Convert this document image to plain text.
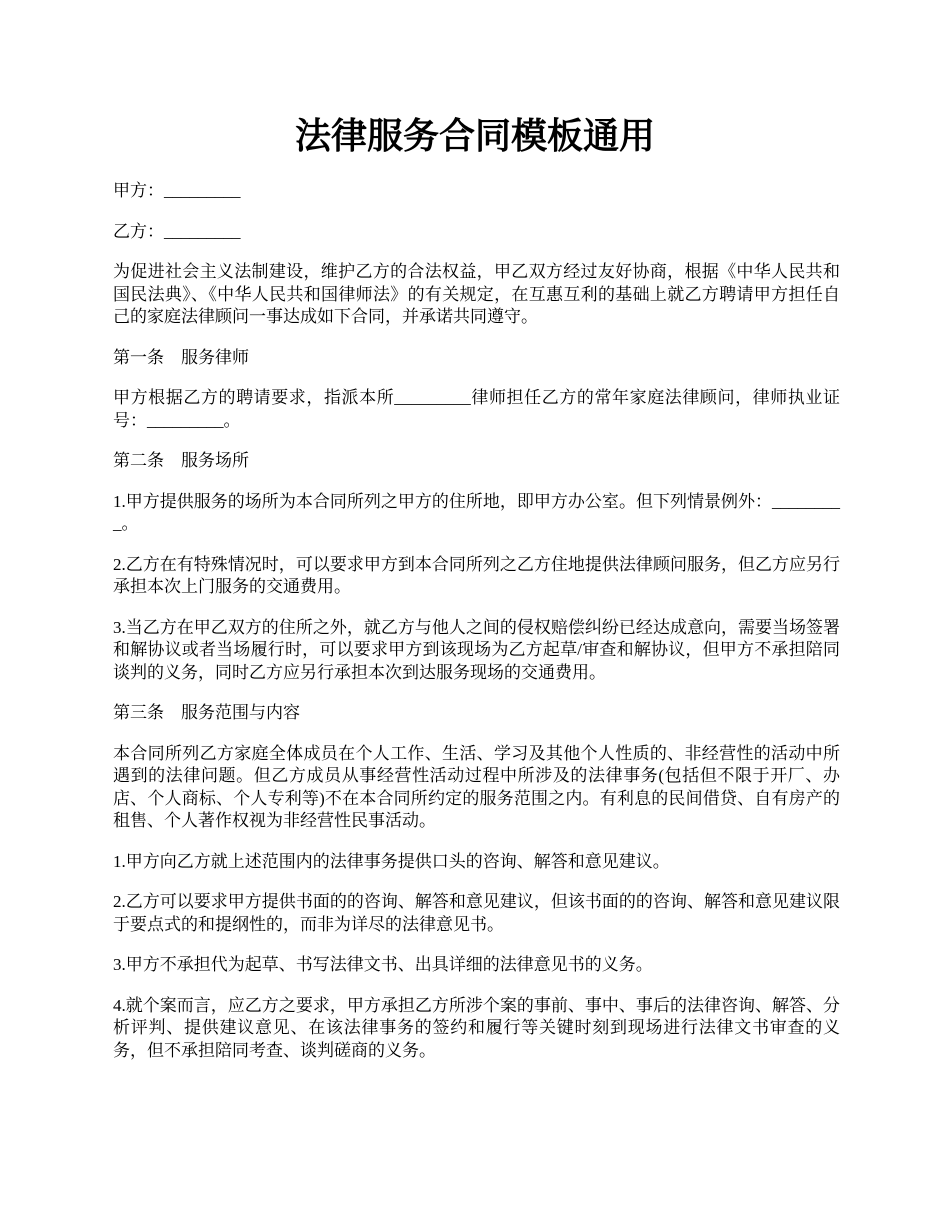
法律服务合同模板通用

甲方：_________

乙方：_________

为促进社会主义法制建设，维护乙方的合法权益，甲乙双方经过友好协商，根据《中华人民共和国民法典》、《中华人民共和国律师法》的有关规定，在互惠互利的基础上就乙方聘请甲方担任自己的家庭法律顾问一事达成如下合同，并承诺共同遵守。

第一条　服务律师

甲方根据乙方的聘请要求，指派本所_________律师担任乙方的常年家庭法律顾问，律师执业证号：_________。

第二条　服务场所

1.甲方提供服务的场所为本合同所列之甲方的住所地，即甲方办公室。但下列情景例外：_________。

2.乙方在有特殊情况时，可以要求甲方到本合同所列之乙方住地提供法律顾问服务，但乙方应另行承担本次上门服务的交通费用。

3.当乙方在甲乙双方的住所之外，就乙方与他人之间的侵权赔偿纠纷已经达成意向，需要当场签署和解协议或者当场履行时，可以要求甲方到该现场为乙方起草/审查和解协议，但甲方不承担陪同谈判的义务，同时乙方应另行承担本次到达服务现场的交通费用。

第三条　服务范围与内容

本合同所列乙方家庭全体成员在个人工作、生活、学习及其他个人性质的、非经营性的活动中所遇到的法律问题。但乙方成员从事经营性活动过程中所涉及的法律事务(包括但不限于开厂、办店、个人商标、个人专利等)不在本合同所约定的服务范围之内。有利息的民间借贷、自有房产的租售、个人著作权视为非经营性民事活动。

1.甲方向乙方就上述范围内的法律事务提供口头的咨询、解答和意见建议。

2.乙方可以要求甲方提供书面的的咨询、解答和意见建议，但该书面的的咨询、解答和意见建议限于要点式的和提纲性的，而非为详尽的法律意见书。

3.甲方不承担代为起草、书写法律文书、出具详细的法律意见书的义务。

4.就个案而言，应乙方之要求，甲方承担乙方所涉个案的事前、事中、事后的法律咨询、解答、分析评判、提供建议意见、在该法律事务的签约和履行等关键时刻到现场进行法律文书审查的义务，但不承担陪同考查、谈判磋商的义务。
